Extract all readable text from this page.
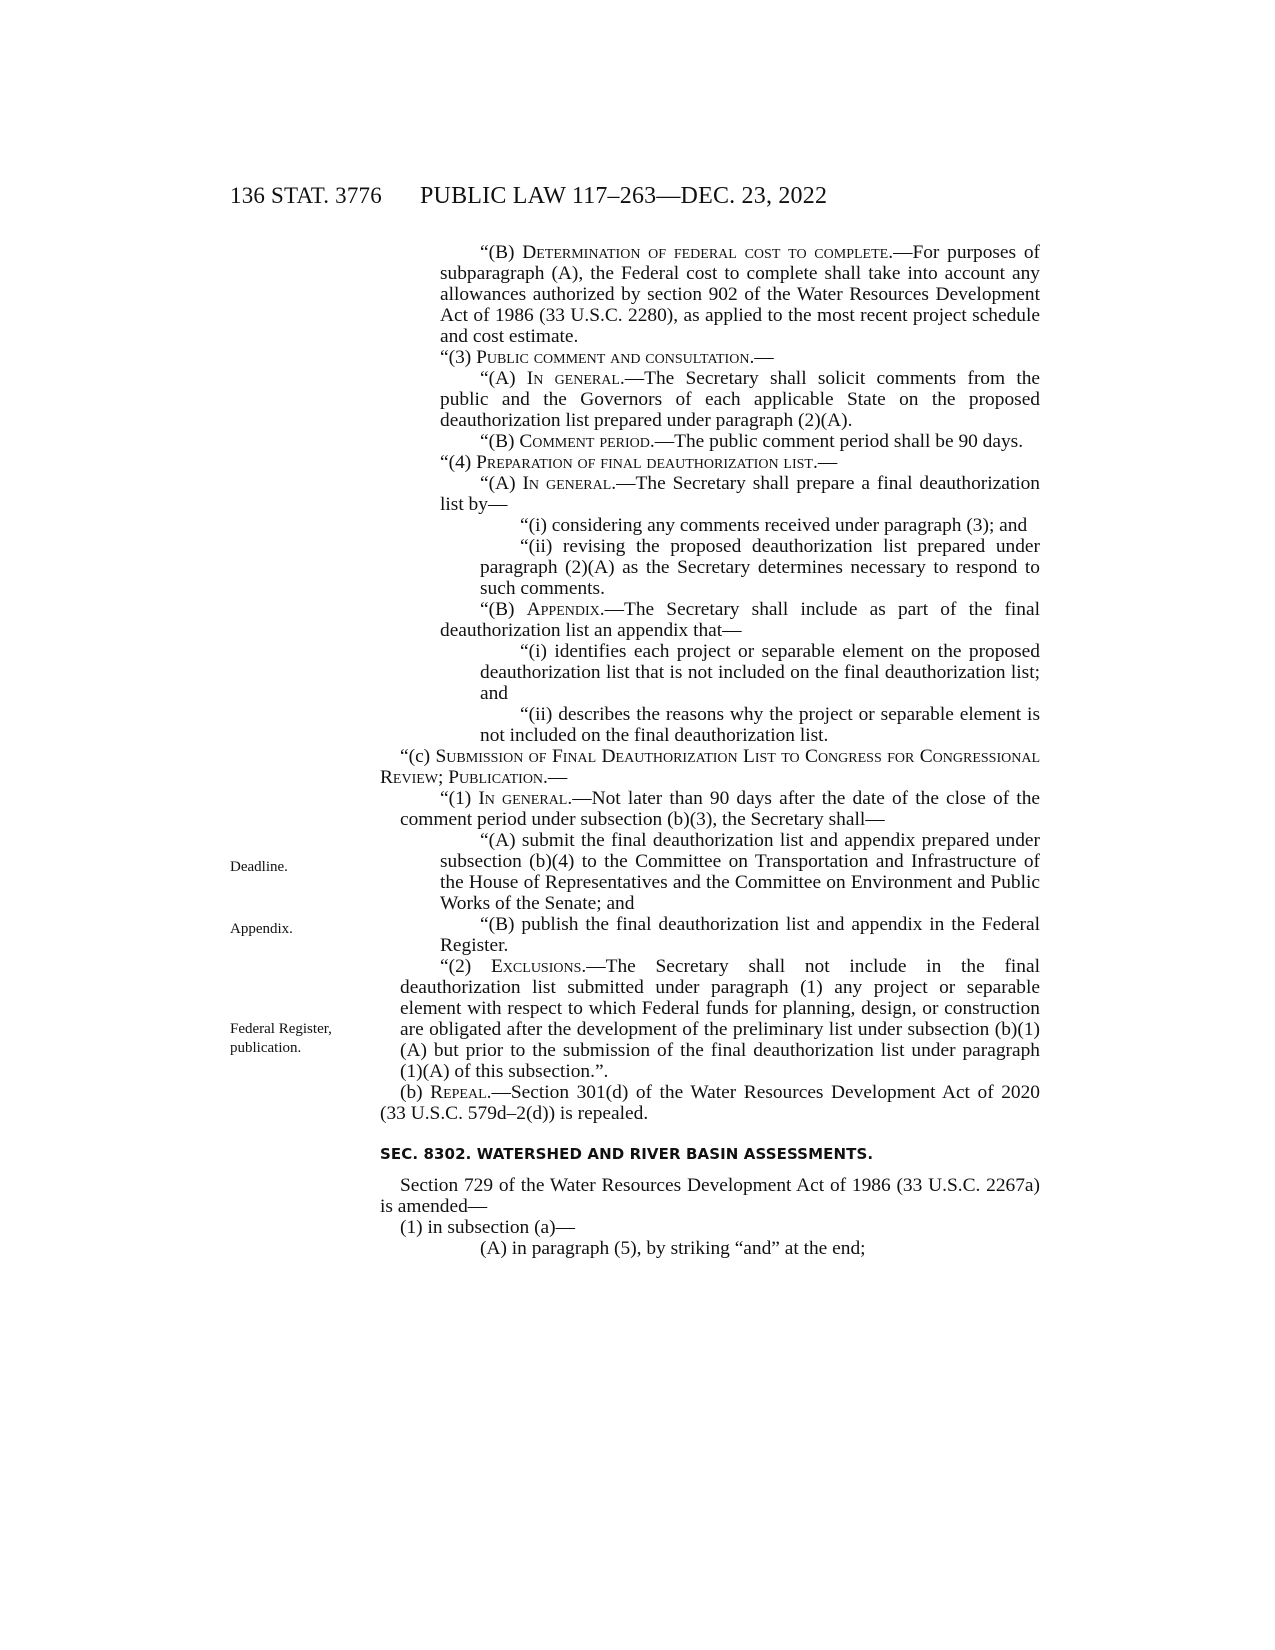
136 STAT. 3776 PUBLIC LAW 117–263—DEC. 23, 2022
Deadline.
Appendix.
Federal Register, publication.

“(B) Determination of federal cost to complete.—For purposes of subparagraph (A), the Federal cost to complete shall take into account any allowances authorized by section 902 of the Water Resources Development Act of 1986 (33 U.S.C. 2280), as applied to the most recent project schedule and cost estimate.

“(3) Public comment and consultation.—

“(A) In general.—The Secretary shall solicit comments from the public and the Governors of each applicable State on the proposed deauthorization list prepared under paragraph (2)(A).

“(B) Comment period.—The public comment period shall be 90 days.

“(4) Preparation of final deauthorization list.—

“(A) In general.—The Secretary shall prepare a final deauthorization list by—

“(i) considering any comments received under paragraph (3); and

“(ii) revising the proposed deauthorization list prepared under paragraph (2)(A) as the Secretary determines necessary to respond to such comments.

“(B) Appendix.—The Secretary shall include as part of the final deauthorization list an appendix that—

“(i) identifies each project or separable element on the proposed deauthorization list that is not included on the final deauthorization list; and

“(ii) describes the reasons why the project or separable element is not included on the final deauthorization list.

“(c) Submission of Final Deauthorization List to Congress for Congressional Review; Publication.—

“(1) In general.—Not later than 90 days after the date of the close of the comment period under subsection (b)(3), the Secretary shall—

“(A) submit the final deauthorization list and appendix prepared under subsection (b)(4) to the Committee on Transportation and Infrastructure of the House of Representatives and the Committee on Environment and Public Works of the Senate; and

“(B) publish the final deauthorization list and appendix in the Federal Register.

“(2) Exclusions.—The Secretary shall not include in the final deauthorization list submitted under paragraph (1) any project or separable element with respect to which Federal funds for planning, design, or construction are obligated after the development of the preliminary list under subsection (b)(1)(A) but prior to the submission of the final deauthorization list under paragraph (1)(A) of this subsection.”.

(b) Repeal.—Section 301(d) of the Water Resources Development Act of 2020 (33 U.S.C. 579d–2(d)) is repealed.

SEC. 8302. WATERSHED AND RIVER BASIN ASSESSMENTS.

Section 729 of the Water Resources Development Act of 1986 (33 U.S.C. 2267a) is amended—

(1) in subsection (a)—

(A) in paragraph (5), by striking “and” at the end;
